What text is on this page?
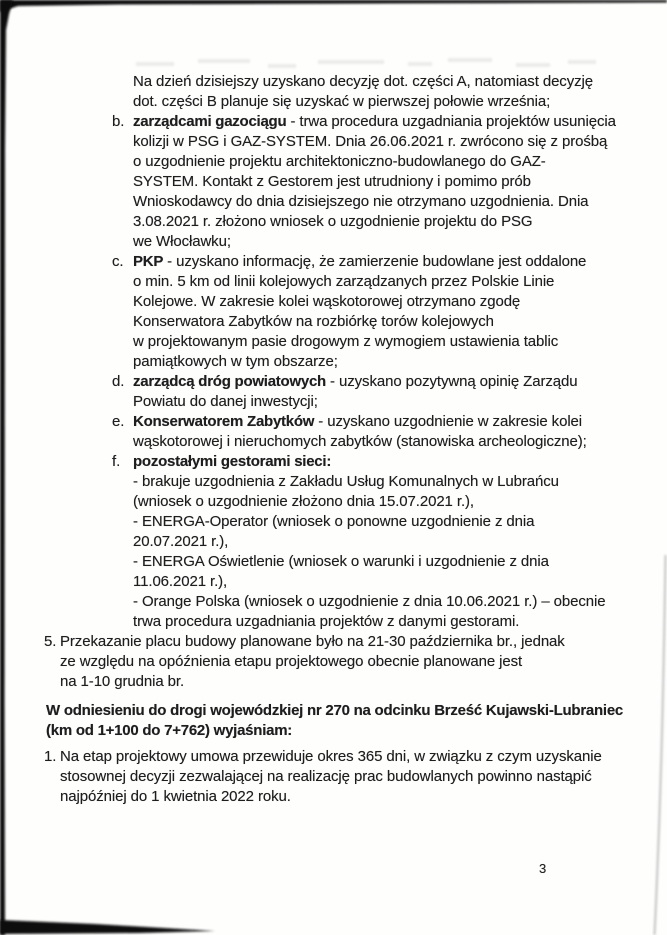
Na dzień dzisiejszy uzyskano decyzję dot. części A, natomiast decyzję
dot. części B planuje się uzyskać w pierwszej połowie września;
b. zarządcami gazociągu - trwa procedura uzgadniania projektów usunięcia
kolizji w PSG i GAZ-SYSTEM. Dnia 26.06.2021 r. zwrócono się z prośbą
o uzgodnienie projektu architektoniczno-budowlanego do GAZ-
SYSTEM. Kontakt z Gestorem jest utrudniony i pomimo prób
Wnioskodawcy do dnia dzisiejszego nie otrzymano uzgodnienia. Dnia
3.08.2021 r. złożono wniosek o uzgodnienie projektu do PSG
we Włocławku;
c. PKP - uzyskano informację, że zamierzenie budowlane jest oddalone
o min. 5 km od linii kolejowych zarządzanych przez Polskie Linie
Kolejowe. W zakresie kolei wąskotorowej otrzymano zgodę
Konserwatora Zabytków na rozbiórkę torów kolejowych
w projektowanym pasie drogowym z wymogiem ustawienia tablic
pamiątkowych w tym obszarze;
d. zarządcą dróg powiatowych - uzyskano pozytywną opinię Zarządu
Powiatu do danej inwestycji;
e. Konserwatorem Zabytków - uzyskano uzgodnienie w zakresie kolei
wąskotorowej i nieruchomych zabytków (stanowiska archeologiczne);
f. pozostałymi gestorami sieci:
- brakuje uzgodnienia z Zakładu Usług Komunalnych w Lubrańcu
(wniosek o uzgodnienie złożono dnia 15.07.2021 r.),
- ENERGA-Operator (wniosek o ponowne uzgodnienie z dnia
20.07.2021 r.),
- ENERGA Oświetlenie (wniosek o warunki i uzgodnienie z dnia
11.06.2021 r.),
- Orange Polska (wniosek o uzgodnienie z dnia 10.06.2021 r.) – obecnie
trwa procedura uzgadniania projektów z danymi gestorami.
5. Przekazanie placu budowy planowane było na 21-30 października br., jednak
ze względu na opóźnienia etapu projektowego obecnie planowane jest
na 1-10 grudnia br.
W odniesieniu do drogi wojewódzkiej nr 270 na odcinku Brześć Kujawski-Lubraniec
(km od 1+100 do 7+762) wyjaśniam:
1. Na etap projektowy umowa przewiduje okres 365 dni, w związku z czym uzyskanie
stosownej decyzji zezwalającej na realizację prac budowlanych powinno nastąpić
najpóźniej do 1 kwietnia 2022 roku.
3
